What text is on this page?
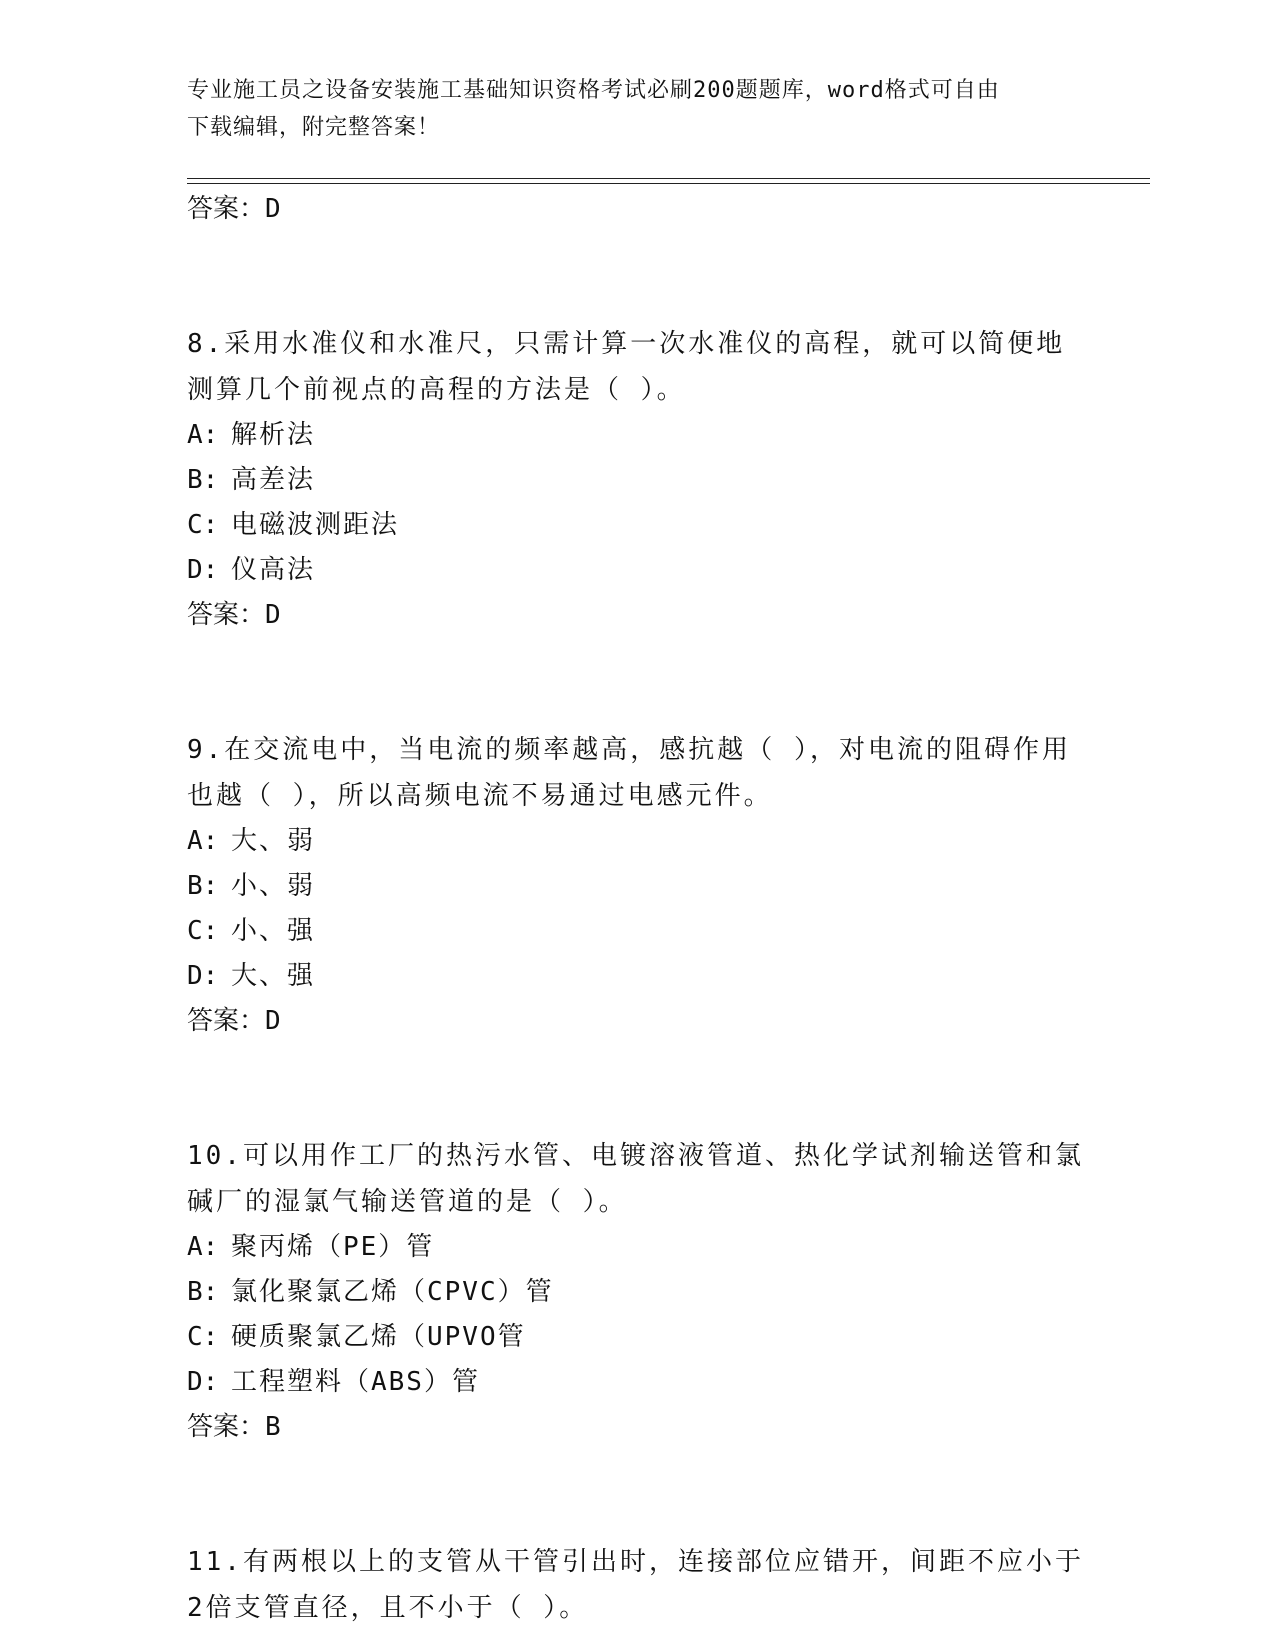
专业施工员之设备安装施工基础知识资格考试必刷200题题库，word格式可自由
下载编辑，附完整答案！

答案：D

8.采用水准仪和水准尺，只需计算一次水准仪的高程，就可以简便地

测算几个前视点的高程的方法是（ ）。

A: 解析法

B: 高差法

C: 电磁波测距法

D: 仪高法

答案：D

9.在交流电中，当电流的频率越高，感抗越（ ），对电流的阻碍作用

也越（ ），所以高频电流不易通过电感元件。

A: 大、弱

B: 小、弱

C: 小、强

D: 大、强

答案：D

10.可以用作工厂的热污水管、电镀溶液管道、热化学试剂输送管和氯

碱厂的湿氯气输送管道的是（ ）。

A: 聚丙烯（PE）管

B: 氯化聚氯乙烯（CPVC）管

C: 硬质聚氯乙烯（UPVO管

D: 工程塑料（ABS）管

答案：B

11.有两根以上的支管从干管引出时，连接部位应错开，间距不应小于

2倍支管直径，且不小于（ ）。
